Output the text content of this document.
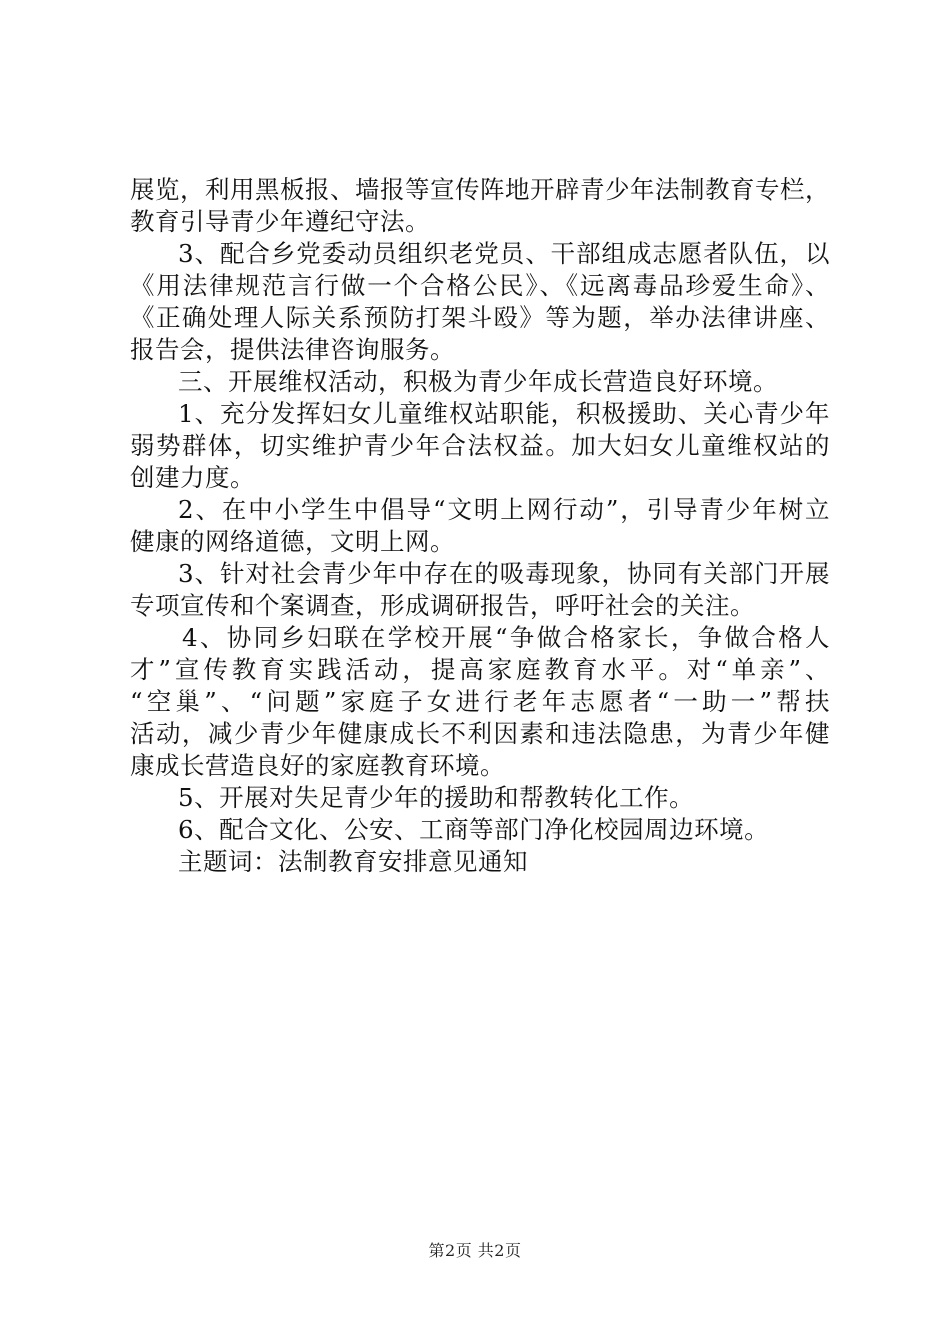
展览，利用黑板报、墙报等宣传阵地开辟青少年法制教育专栏，
教育引导青少年遵纪守法。
3、配合乡党委动员组织老党员、干部组成志愿者队伍，以
《用法律规范言行做一个合格公民》、《远离毒品珍爱生命》、
《正确处理人际关系预防打架斗殴》等为题，举办法律讲座、
报告会，提供法律咨询服务。
三、开展维权活动，积极为青少年成长营造良好环境。
1、充分发挥妇女儿童维权站职能，积极援助、关心青少年
弱势群体，切实维护青少年合法权益。加大妇女儿童维权站的
创建力度。
2、在中小学生中倡导“文明上网行动”，引导青少年树立
健康的网络道德，文明上网。
3、针对社会青少年中存在的吸毒现象，协同有关部门开展
专项宣传和个案调查，形成调研报告，呼吁社会的关注。
4、协同乡妇联在学校开展“争做合格家长，争做合格人
才”宣传教育实践活动，提高家庭教育水平。对“单亲”、
“空巢”、“问题”家庭子女进行老年志愿者“一助一”帮扶
活动，减少青少年健康成长不利因素和违法隐患，为青少年健
康成长营造良好的家庭教育环境。
5、开展对失足青少年的援助和帮教转化工作。
6、配合文化、公安、工商等部门净化校园周边环境。
主题词：法制教育安排意见通知
第2页 共2页
